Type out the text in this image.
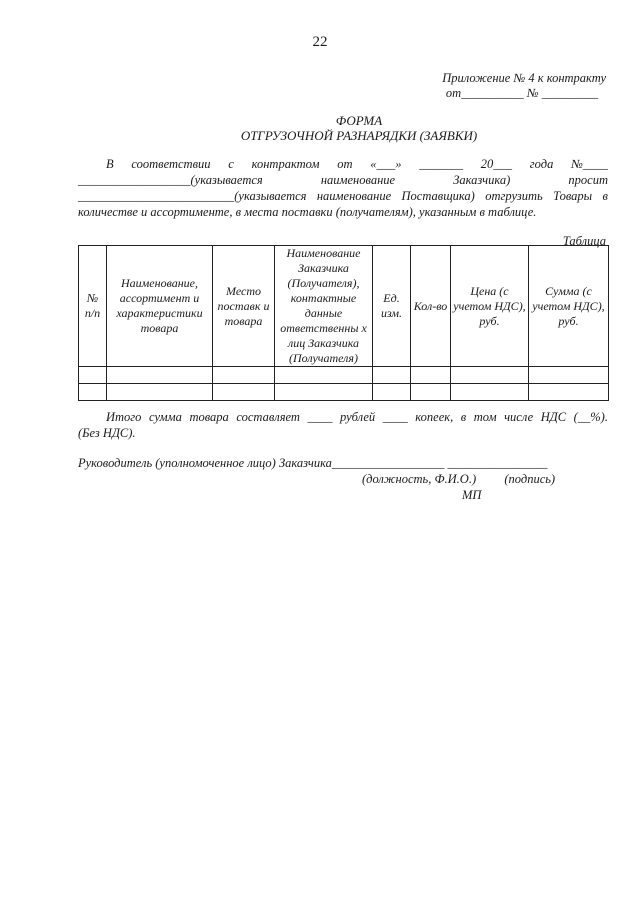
22
Приложение № 4 к контракту
от__________ № _________
ФОРМА
ОТГРУЗОЧНОЙ РАЗНАРЯДКИ (ЗАЯВКИ)
В соответствии с контрактом от «___» _______ 20___ года №____
__________________(указывается	наименование	Заказчика)	просит
_________________________(указывается наименование Поставщика) отгрузить Товары в
количестве и ассортименте, в места поставки (получателям), указанным в таблице.
Таблица
№ п/п	Наименование, ассортимент и характеристики товара	Место поставк и товара	Наименование Заказчика (Получателя), контактные данные ответственны х лиц Заказчика (Получателя)	Ед. изм.	Кол-во	Цена (с учетом НДС), руб.	Сумма (с учетом НДС), руб.

Итого сумма товара составляет ____ рублей ____ копеек, в том числе НДС (__%).
(Без НДС).
Руководитель (уполномоченное лицо) Заказчика__________________ ________________
(должность, Ф.И.О.) (подпись)
МП
